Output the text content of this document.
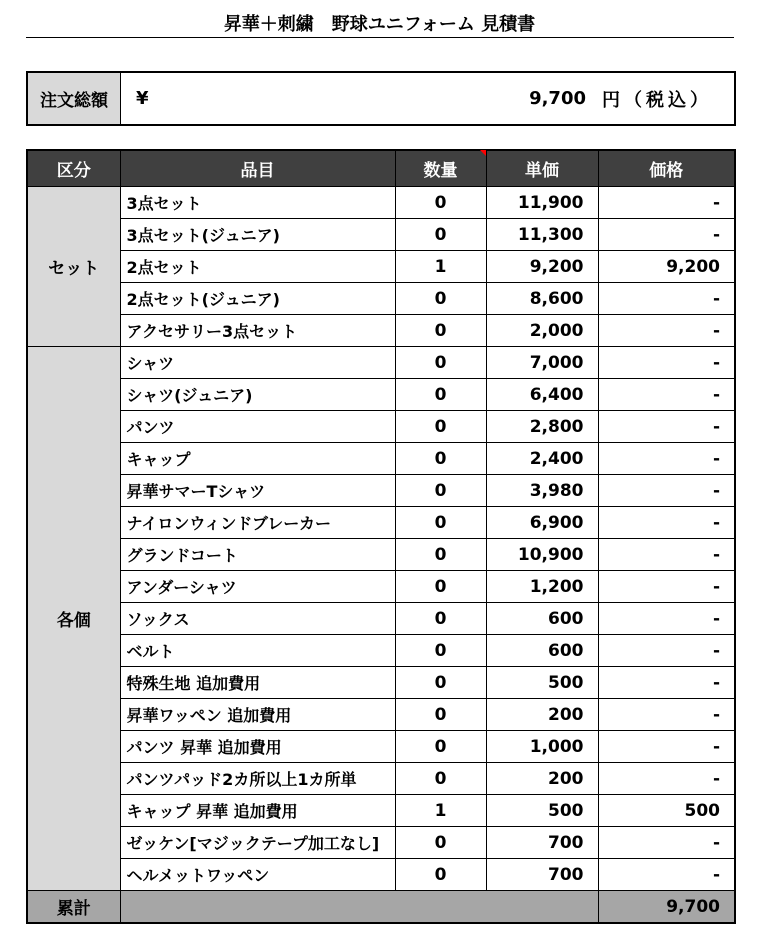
昇華＋刺繍　野球ユニフォーム 見積書
注文総額	¥	9,700 円（税込）
区分	品目	数量	単価	価格
セット	3点セット	0	11,900	-
	3点セット(ジュニア)	0	11,300	-
	2点セット	1	9,200	9,200
	2点セット(ジュニア)	0	8,600	-
	アクセサリー3点セット	0	2,000	-
各個	シャツ	0	7,000	-
	シャツ(ジュニア)	0	6,400	-
	パンツ	0	2,800	-
	キャップ	0	2,400	-
	昇華サマーTシャツ	0	3,980	-
	ナイロンウィンドブレーカー	0	6,900	-
	グランドコート	0	10,900	-
	アンダーシャツ	0	1,200	-
	ソックス	0	600	-
	ベルト	0	600	-
	特殊生地 追加費用	0	500	-
	昇華ワッペン 追加費用	0	200	-
	パンツ 昇華 追加費用	0	1,000	-
	パンツパッド2カ所以上1カ所単	0	200	-
	キャップ 昇華 追加費用	1	500	500
	ゼッケン[マジックテープ加工なし]	0	700	-
	ヘルメットワッペン	0	700	-
累計				9,700
